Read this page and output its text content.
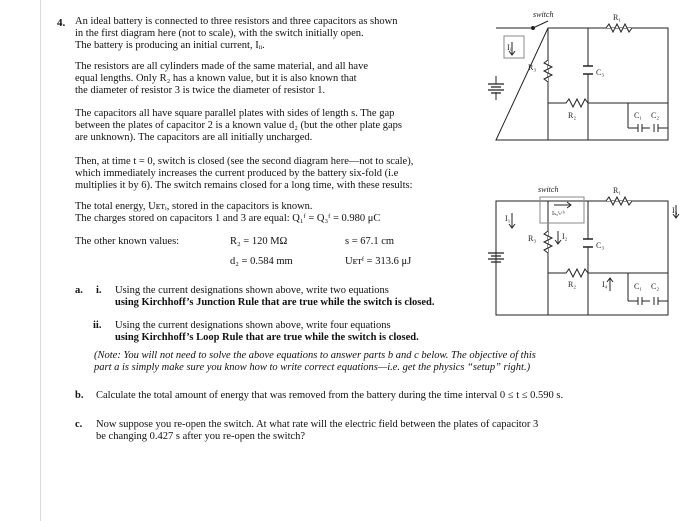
4. An ideal battery is connected to three resistors and three capacitors as shown
in the first diagram here (not to scale), with the switch initially open.
The battery is producing an initial current, Iᵢᵢ.
The resistors are all cylinders made of the same material, and all have
equal lengths. Only R₂ has a known value, but it is also known that
the diameter of resistor 3 is twice the diameter of resistor 1.
The capacitors all have square parallel plates with sides of length s. The gap
between the plates of capacitor 2 is a known value d₂ (but the other plate gaps
are unknown). The capacitors are all initially uncharged.
Then, at time t = 0, switch is closed (see the second diagram here—not to scale),
which immediately increases the current produced by the battery six-fold (i.e
multiplies it by 6). The switch remains closed for a long time, with these results:
The total energy, Uᴇᴛᵢ, stored in the capacitors is known.
The charges stored on capacitors 1 and 3 are equal: Q₁ᶠ = Q₃ᶠ = 0.980 μC
The other known values:	R₂ = 120 MΩ	s = 67.1 cm
d₂ = 0.584 mm	Uᴇᴛᶠ = 313.6 μJ
a. i. Using the current designations shown above, write two equations
using Kirchhoff’s Junction Rule that are true while the switch is closed.
ii. Using the current designations shown above, write four equations
using Kirchhoff’s Loop Rule that are true while the switch is closed.
(Note: You will not need to solve the above equations to answer parts b and c below. The objective of this
part a is simply make sure you know how to write correct equations—i.e. get the physics “setup” right.)
b. Calculate the total amount of energy that was removed from the battery during the time interval 0 ≤ t ≤ 0.590 s.
c. Now suppose you re-open the switch. At what rate will the electric field between the plates of capacitor 3
be changing 0.427 s after you re-open the switch?
switch	R₁
R₃
C₃
R₂	C₁ C₂
Iᵢᵢ
switch	R₁
R₃
C₃
R₂	C₁ C₂
I₁	Iₛᵤᴵₜᶜʰ
I₂
I₃
I₄
